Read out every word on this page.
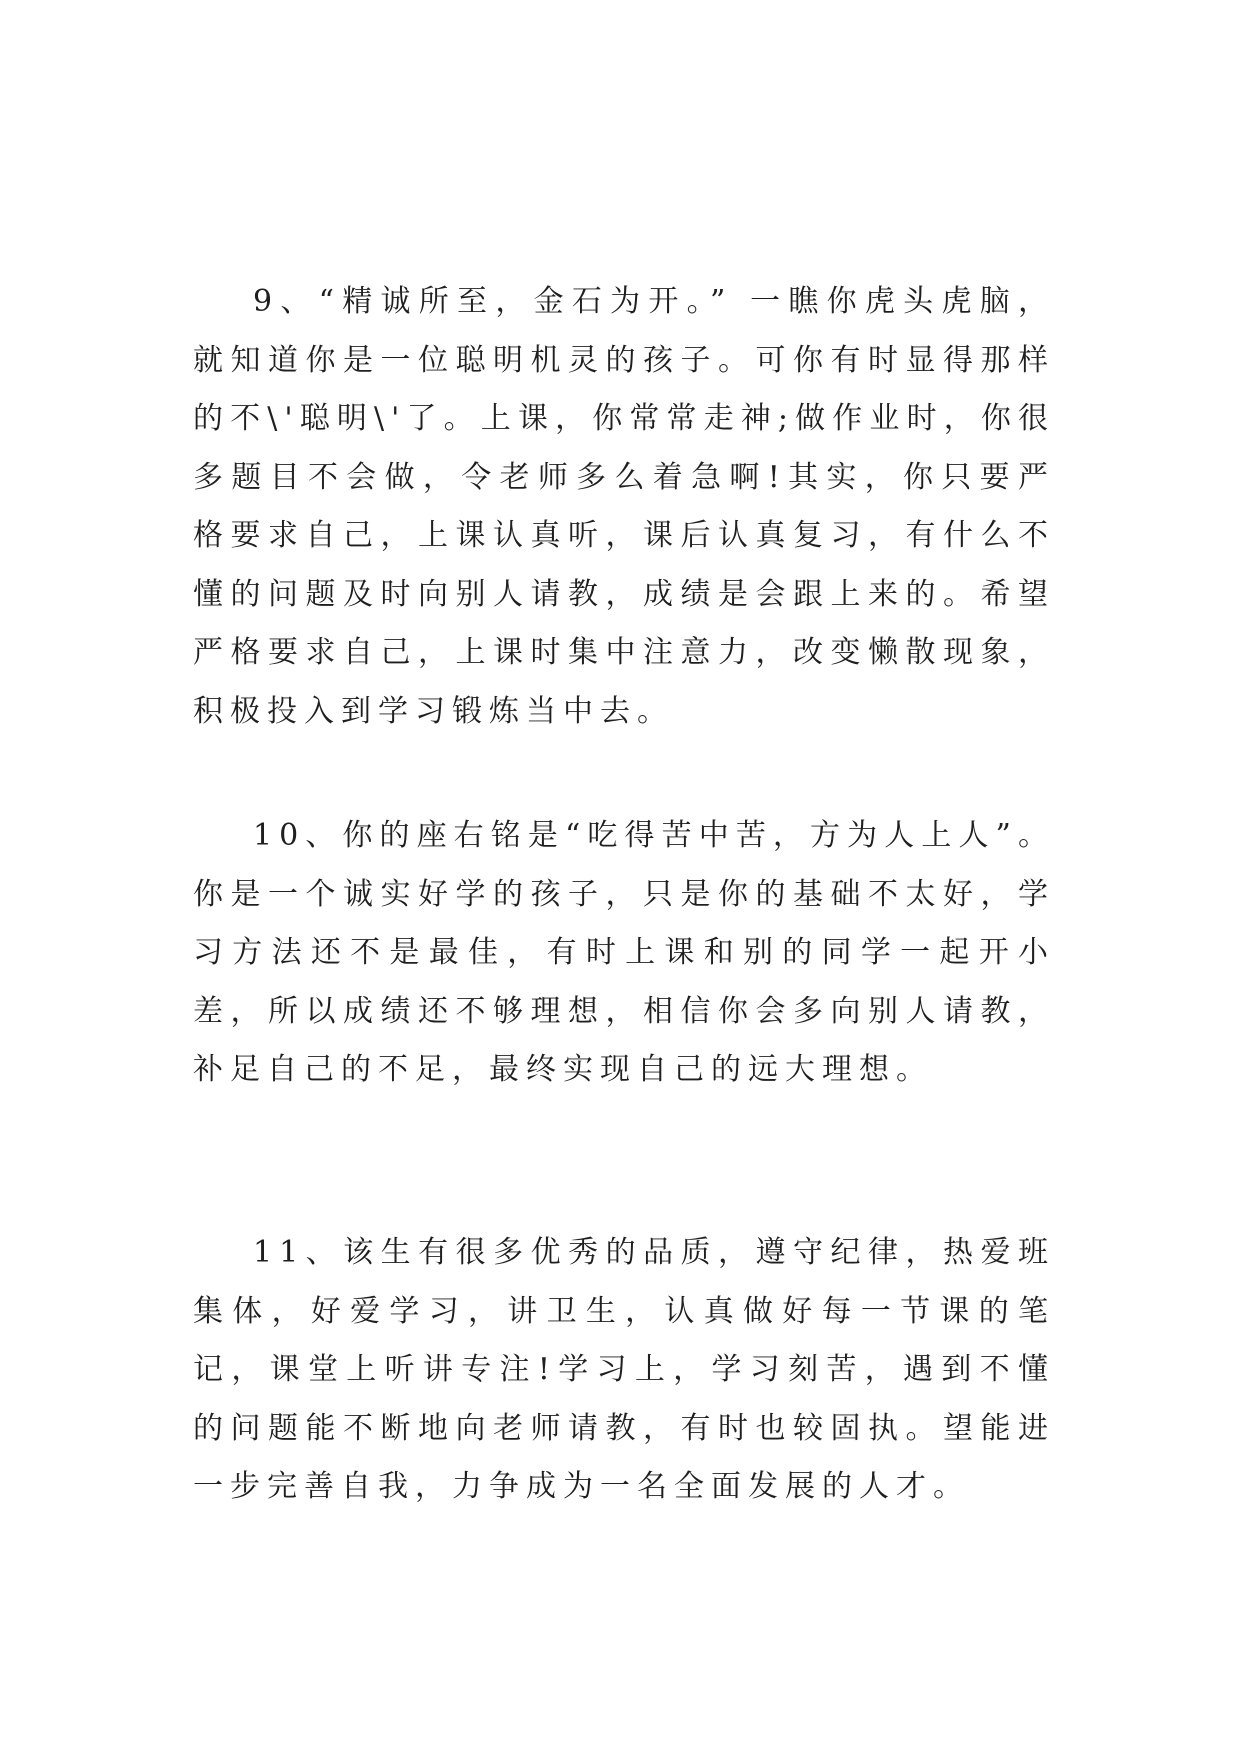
9、“精诚所至，金石为开。” 一瞧你虎头虎脑，就知道你是一位聪明机灵的孩子。可你有时显得那样的不\'聪明\'了。上课，你常常走神;做作业时，你很多题目不会做，令老师多么着急啊!其实，你只要严格要求自己，上课认真听，课后认真复习，有什么不懂的问题及时向别人请教，成绩是会跟上来的。希望严格要求自己，上课时集中注意力，改变懒散现象，积极投入到学习锻炼当中去。

10、你的座右铭是“吃得苦中苦，方为人上人”。 你是一个诚实好学的孩子，只是你的基础不太好，学习方法还不是最佳，有时上课和别的同学一起开小差，所以成绩还不够理想，相信你会多向别人请教，补足自己的不足，最终实现自己的远大理想。

11、该生有很多优秀的品质，遵守纪律，热爱班集体，好爱学习，讲卫生，认真做好每一节课的笔记，课堂上听讲专注!学习上，学习刻苦，遇到不懂的问题能不断地向老师请教，有时也较固执。望能进一步完善自我，力争成为一名全面发展的人才。
